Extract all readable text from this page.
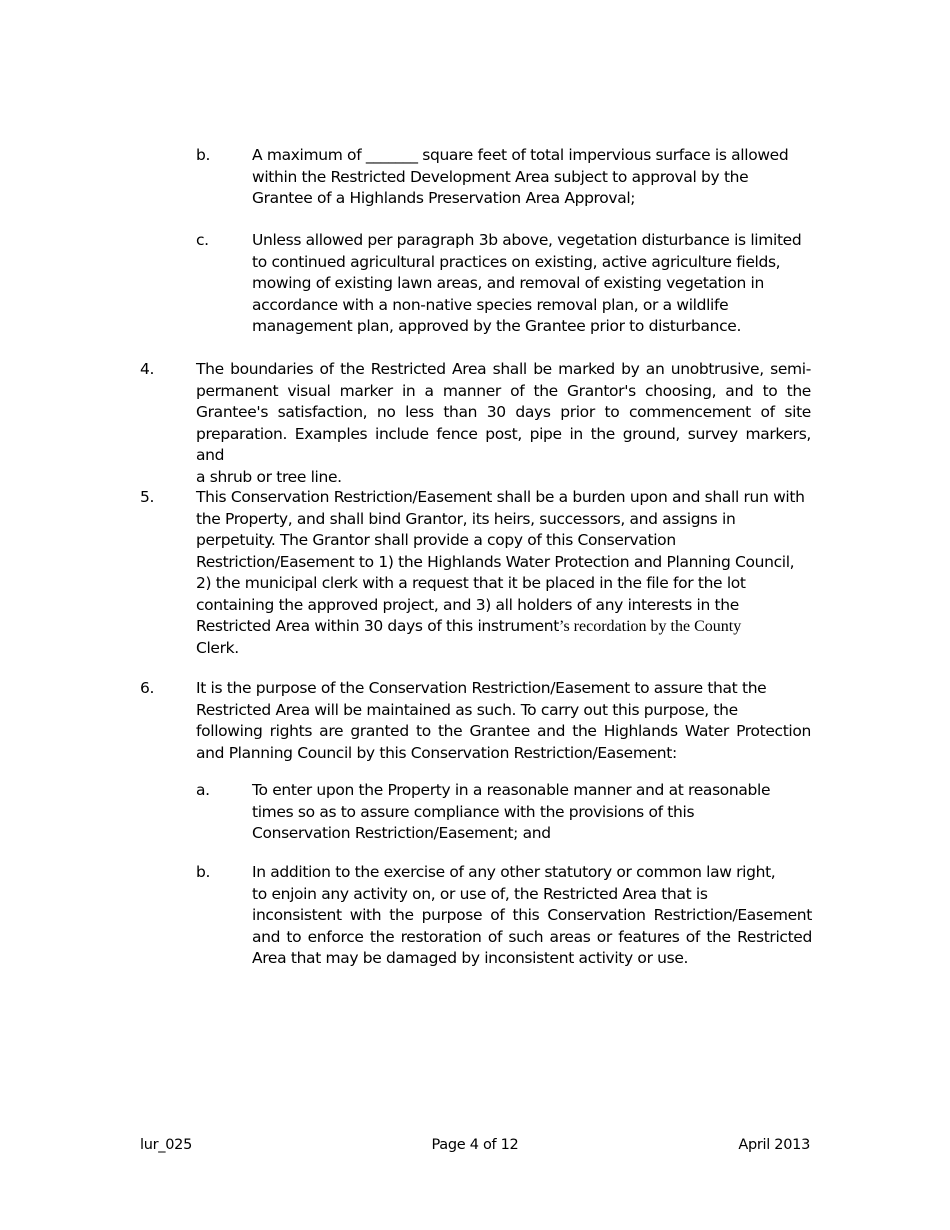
b.	A maximum of _______ square feet of total impervious surface is allowed
within the Restricted Development Area subject to approval by the
Grantee of a Highlands Preservation Area Approval;
c.	Unless allowed per paragraph 3b above, vegetation disturbance is limited
to continued agricultural practices on existing, active agriculture fields,
mowing of existing lawn areas, and removal of existing vegetation in
accordance with a non-native species removal plan, or a wildlife
management plan, approved by the Grantee prior to disturbance.
4.	The boundaries of the Restricted Area shall be marked by an unobtrusive, semi-
permanent visual marker in a manner of the Grantor's choosing, and to the
Grantee's satisfaction, no less than 30 days prior to commencement of site
preparation. Examples include fence post, pipe in the ground, survey markers, and
a shrub or tree line.
5.	This Conservation Restriction/Easement shall be a burden upon and shall run with
the Property, and shall bind Grantor, its heirs, successors, and assigns in
perpetuity. The Grantor shall provide a copy of this Conservation
Restriction/Easement to 1) the Highlands Water Protection and Planning Council,
2) the municipal clerk with a request that it be placed in the file for the lot
containing the approved project, and 3) all holders of any interests in the
Restricted Area within 30 days of this instrument’s recordation by the County
Clerk.
6.	It is the purpose of the Conservation Restriction/Easement to assure that the
Restricted Area will be maintained as such. To carry out this purpose, the
following rights are granted to the Grantee and the Highlands Water Protection
and Planning Council by this Conservation Restriction/Easement:
a.	To enter upon the Property in a reasonable manner and at reasonable
times so as to assure compliance with the provisions of this
Conservation Restriction/Easement; and
b.	In addition to the exercise of any other statutory or common law right,
to enjoin any activity on, or use of, the Restricted Area that is
inconsistent with the purpose of this Conservation Restriction/Easement
and to enforce the restoration of such areas or features of the Restricted
Area that may be damaged by inconsistent activity or use.
lur_025	Page 4 of 12	April 2013
